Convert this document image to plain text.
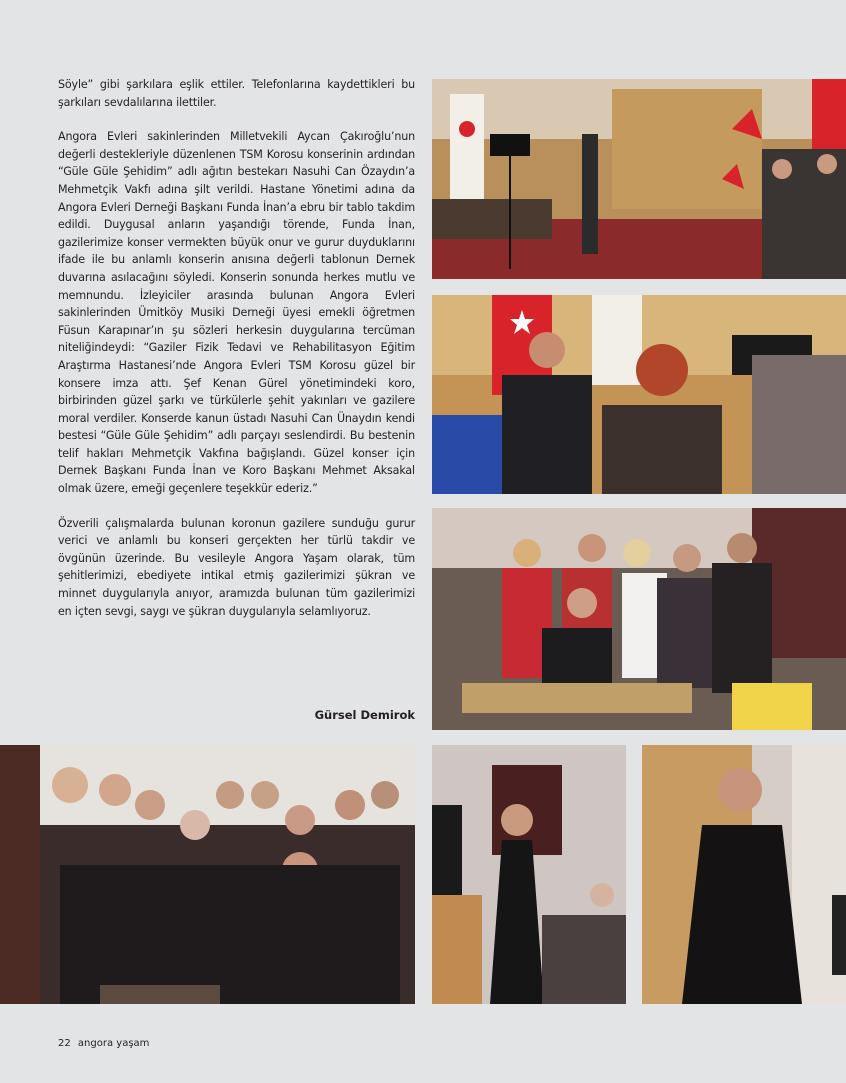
Söyle” gibi şarkılara eşlik ettiler. Telefonlarına kaydettikleri bu şarkıları sevdalılarına ilettiler.

Angora Evleri sakinlerinden Milletvekili Aycan Çakıroğlu’nun değerli destekleriyle düzenlenen TSM Korosu konserinin ardından “Güle Güle Şehidim” adlı ağıtın bestekarı Nasuhi Can Özaydın’a Mehmetçik Vakfı adına şilt verildi. Hastane Yönetimi adına da Angora Evleri Derneği Başkanı Funda İnan’a ebru bir tablo takdim edildi. Duygusal anların yaşandığı törende, Funda İnan, gazilerimize konser vermekten büyük onur ve gurur duyduklarını ifade ile bu anlamlı konserin anısına değerli tablonun Dernek duvarına asılacağını söyledi. Konserin sonunda herkes mutlu ve memnundu. İzleyiciler arasında bulunan Angora Evleri sakinlerinden Ümitköy Musiki Derneği üyesi emekli öğretmen Füsun Karapınar’ın şu sözleri herkesin duygularına tercüman niteliğindeydi: “Gaziler Fizik Tedavi ve Rehabilitasyon Eğitim Araştırma Hastanesi’nde Angora Evleri TSM Korosu güzel bir konsere imza attı. Şef Kenan Gürel yönetimindeki koro, birbirinden güzel şarkı ve türkülerle şehit yakınları ve gazilere moral verdiler. Konserde kanun üstadı Nasuhi Can Ünaydın kendi bestesi “Güle Güle Şehidim” adlı parçayı seslendirdi. Bu bestenin telif hakları Mehmetçik Vakfına bağışlandı. Güzel konser için Dernek Başkanı Funda İnan ve Koro Başkanı Mehmet Aksakal olmak üzere, emeği geçenlere teşekkür ederiz.”

Özverili çalışmalarda bulunan koronun gazilere sunduğu gurur verici ve anlamlı bu konseri gerçekten her türlü takdir ve övgünün üzerinde. Bu vesileyle Angora Yaşam olarak, tüm şehitlerimizi, ebediyete intikal etmiş gazilerimizi şükran ve minnet duygularıyla anıyor, aramızda bulunan tüm gazilerimizi en içten sevgi, saygı ve şükran duygularıyla selamlıyoruz.

Gürsel Demirok
22 angora yaşam
